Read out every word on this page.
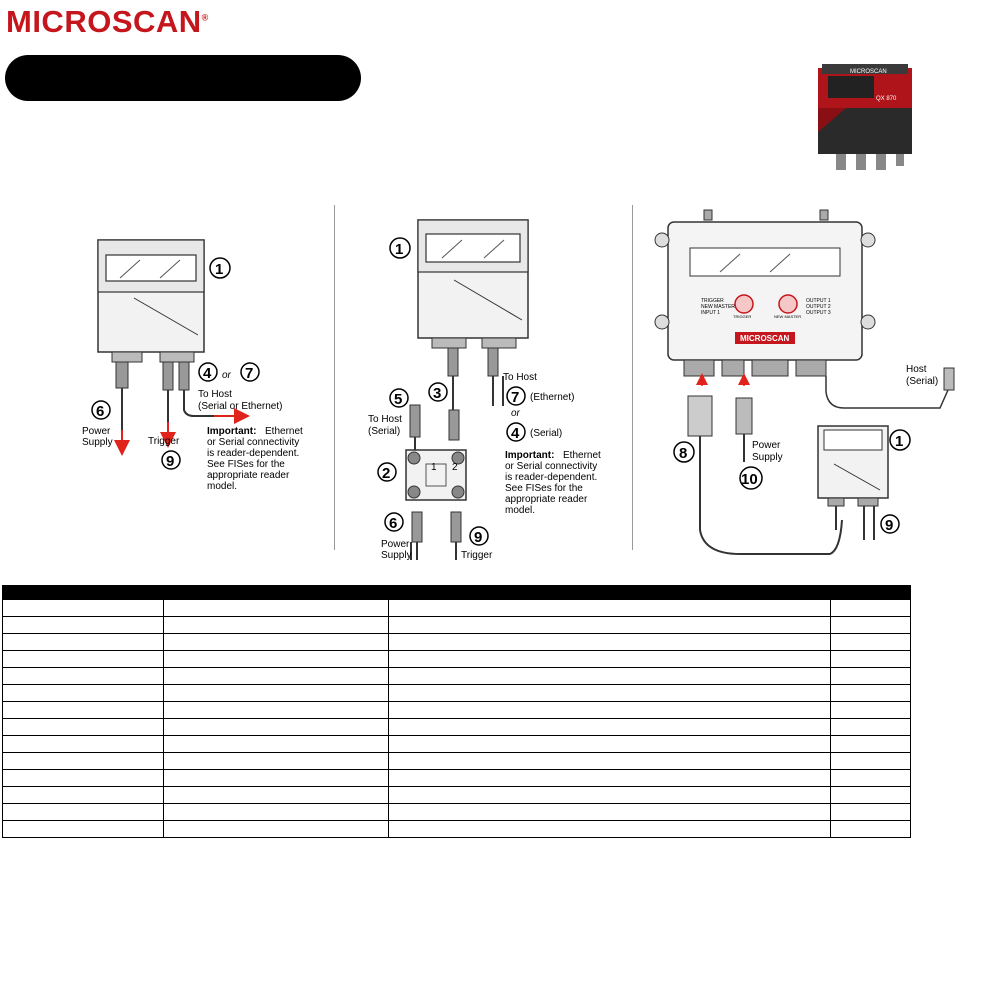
MICROSCAN®
MICROSCAN
QX 870
1
4 or 7
To Host
(Serial or Ethernet)
6
Power
Supply	Trigger
9
Important: Ethernet
or Serial connectivity
is reader-dependent.
See FISes for the
appropriate reader
model.
1 2
1
3
5
To Host
(Serial)
To Host
7 (Ethernet)
or
4 (Serial)
2
6
Power
Supply
9
Trigger
Important: Ethernet
or Serial connectivity
is reader-dependent.
See FISes for the
appropriate reader
model.
TRIGGER
NEW MASTER
INPUT 1
TRIGGER	NEW MASTER
OUTPUT 1
OUTPUT 2
OUTPUT 3
MICROSCAN
Host
(Serial)
8	Power
Supply
10
1
9
